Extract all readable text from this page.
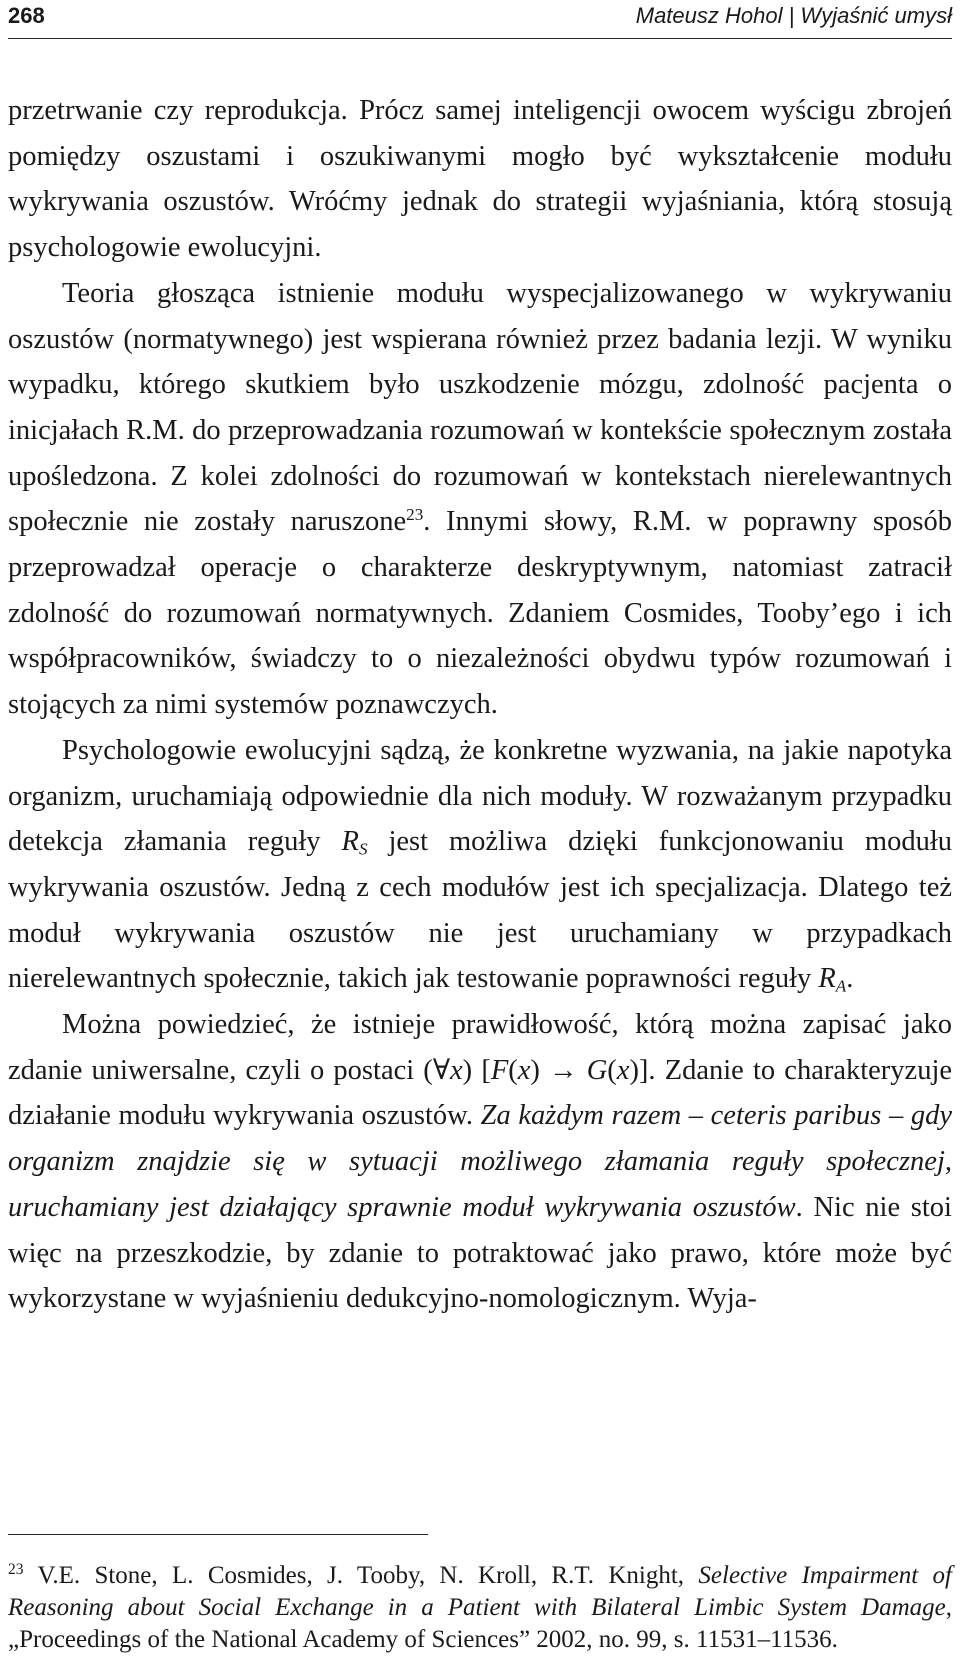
268	Mateusz Hohol | Wyjaśnić umysł

przetrwanie czy reprodukcja. Prócz samej inteligencji owocem wyścigu zbrojeń pomiędzy oszustami i oszukiwanymi mogło być wykształcenie modułu wykrywania oszustów. Wróćmy jednak do strategii wyjaśniania, którą stosują psychologowie ewolucyjni.

Teoria głosząca istnienie modułu wyspecjalizowanego w wykrywaniu oszustów (normatywnego) jest wspierana również przez badania lezji. W wyniku wypadku, którego skutkiem było uszkodzenie mózgu, zdolność pacjenta o inicjałach R.M. do przeprowadzania rozumowań w kontekście społecznym została upośledzona. Z kolei zdolności do rozumowań w kontekstach nierelewantnych społecznie nie zostały naruszone$^{23}$. Innymi słowy, R.M. w poprawny sposób przeprowadzał operacje o charakterze deskryptywnym, natomiast zatracił zdolność do rozumowań normatywnych. Zdaniem Cosmides, Tooby’ego i ich współpracowników, świadczy to o niezależności obydwu typów rozumowań i stojących za nimi systemów poznawczych.

Psychologowie ewolucyjni sądzą, że konkretne wyzwania, na jakie napotyka organizm, uruchamiają odpowiednie dla nich moduły. W rozważanym przypadku detekcja złamania reguły $R_S$ jest możliwa dzięki funkcjonowaniu modułu wykrywania oszustów. Jedną z cech modułów jest ich specjalizacja. Dlatego też moduł wykrywania oszustów nie jest uruchamiany w przypadkach nierelewantnych społecznie, takich jak testowanie poprawności reguły $R_A$.

Można powiedzieć, że istnieje prawidłowość, którą można zapisać jako zdanie uniwersalne, czyli o postaci (∀x) [F(x) → G(x)]. Zdanie to charakteryzuje działanie modułu wykrywania oszustów. Za każdym razem – ceteris paribus – gdy organizm znajdzie się w sytuacji możliwego złamania reguły społecznej, uruchamiany jest działający sprawnie moduł wykrywania oszustów. Nic nie stoi więc na przeszkodzie, by zdanie to potraktować jako prawo, które może być wykorzystane w wyjaśnieniu dedukcyjno-nomologicznym. Wyja-

$^{23}$ V.E. Stone, L. Cosmides, J. Tooby, N. Kroll, R.T. Knight, Selective Impairment of Reasoning about Social Exchange in a Patient with Bilateral Limbic System Damage, „Proceedings of the National Academy of Sciences” 2002, no. 99, s. 11531–11536.
